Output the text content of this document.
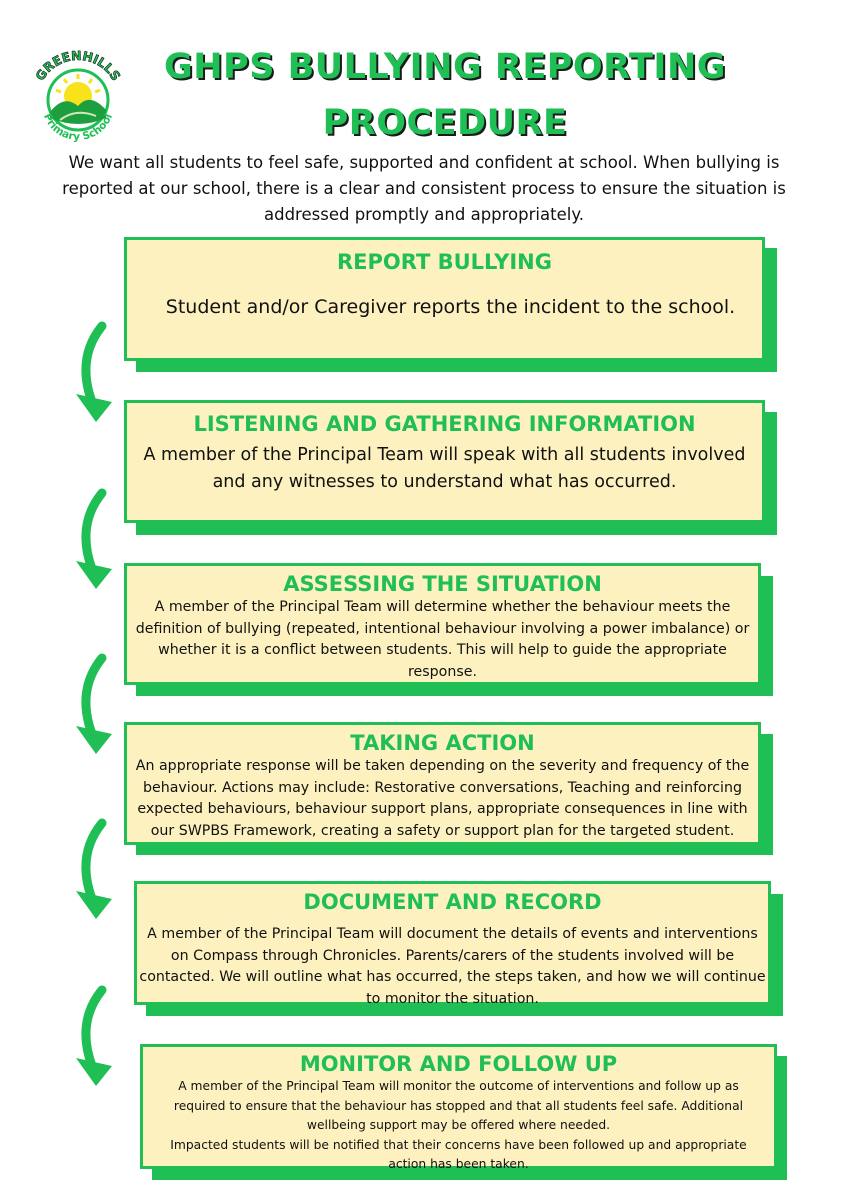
GREENHILLS
Primary School
GHPS BULLYING REPORTING
PROCEDURE
We want all students to feel safe, supported and confident at school. When bullying is
reported at our school, there is a clear and consistent process to ensure the situation is
addressed promptly and appropriately.
REPORT BULLYING

Student and/or Caregiver reports the incident to the school.

LISTENING AND GATHERING INFORMATION

A member of the Principal Team will speak with all students involved

and any witnesses to understand what has occurred.

ASSESSING THE SITUATION

A member of the Principal Team will determine whether the behaviour meets the

definition of bullying (repeated, intentional behaviour involving a power imbalance) or

whether it is a conflict between students. This will help to guide the appropriate

response.

TAKING ACTION

An appropriate response will be taken depending on the severity and frequency of the

behaviour. Actions may include: Restorative conversations, Teaching and reinforcing

expected behaviours, behaviour support plans, appropriate consequences in line with

our SWPBS Framework, creating a safety or support plan for the targeted student.

DOCUMENT AND RECORD

A member of the Principal Team will document the details of events and interventions

on Compass through Chronicles. Parents/carers of the students involved will be

contacted. We will outline what has occurred, the steps taken, and how we will continue

to monitor the situation.

MONITOR AND FOLLOW UP

A member of the Principal Team will monitor the outcome of interventions and follow up as

required to ensure that the behaviour has stopped and that all students feel safe. Additional

wellbeing support may be offered where needed.

Impacted students will be notified that their concerns have been followed up and appropriate

action has been taken.
